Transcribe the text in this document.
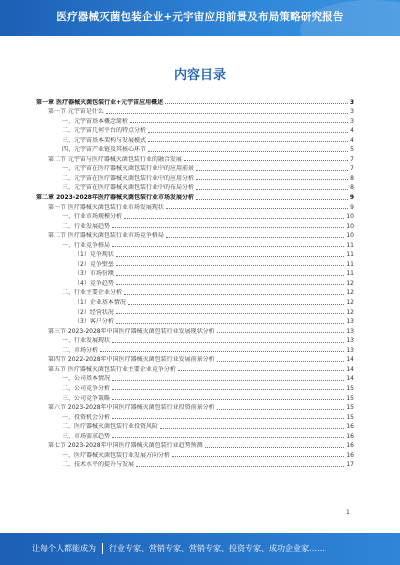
医疗器械灭菌包装企业+元宇宙应用前景及布局策略研究报告
内容目录
第一章 医疗器械灭菌包装行业+元宇宙应用概述	3
第一节 元宇宙是什么	3
一、元宇宙基本概念简析	3
二、元宇宙几何平台的特点分析	4
三、元宇宙基本架构与发展模式	4
四、元宇宙产业链及其核心环节	5
第二节 元宇宙与医疗器械灭菌包装行业的融合发展	7
一、元宇宙在医疗器械灭菌包装行业中的应用前景	7
二、元宇宙在医疗器械灭菌包装行业中的应用分析	8
三、元宇宙在医疗器械灭菌包装行业中的布局分析	8
第二章 2023-2028年医疗器械灭菌包装行业市场发展分析	9
第一节 医疗器械灭菌包装行业市场发展现状	9
一、行业市场规模分析	10
二、行业发展趋势	10
第二节 医疗器械灭菌包装行业市场竞争格局	10
一、行业竞争格局	11
（1）竞争现状	11
（2）竞争壁垒	11
（3）市场份额	11
（4）竞争趋势	12
二、行业主要企业分析	12
（1）企业基本情况	12
（2）经营状况	12
（3）客户分析	13
第三节 2023-2028年中国医疗器械灭菌包装行业发展现状分析	13
一、行业发展现状	13
二、市场分析	13
第四节 2022-2028年中国医疗器械灭菌包装行业发展前景分析	14
第五节 医疗器械灭菌包装行业主要企业竞争分析	14
一、公司基本情况	14
二、公司竞争分析	15
三、公司竞争策略	15
第六节 2023-2028年中国医疗器械灭菌包装行业投资前景分析	15
一、投资机会分析	15
二、医疗器械灭菌包装行业投资风险	16
三、市场需求趋势	16
第七节 2023-2028年中国医疗器械灭菌包装行业趋势预测	16
一、医疗器械灭菌包装行业发展方向分析	16
二、技术水平的提升与发展	17
1
让每个人都能成为 行业专家、营销专家、营销专家、投资专家、成功企业家……
